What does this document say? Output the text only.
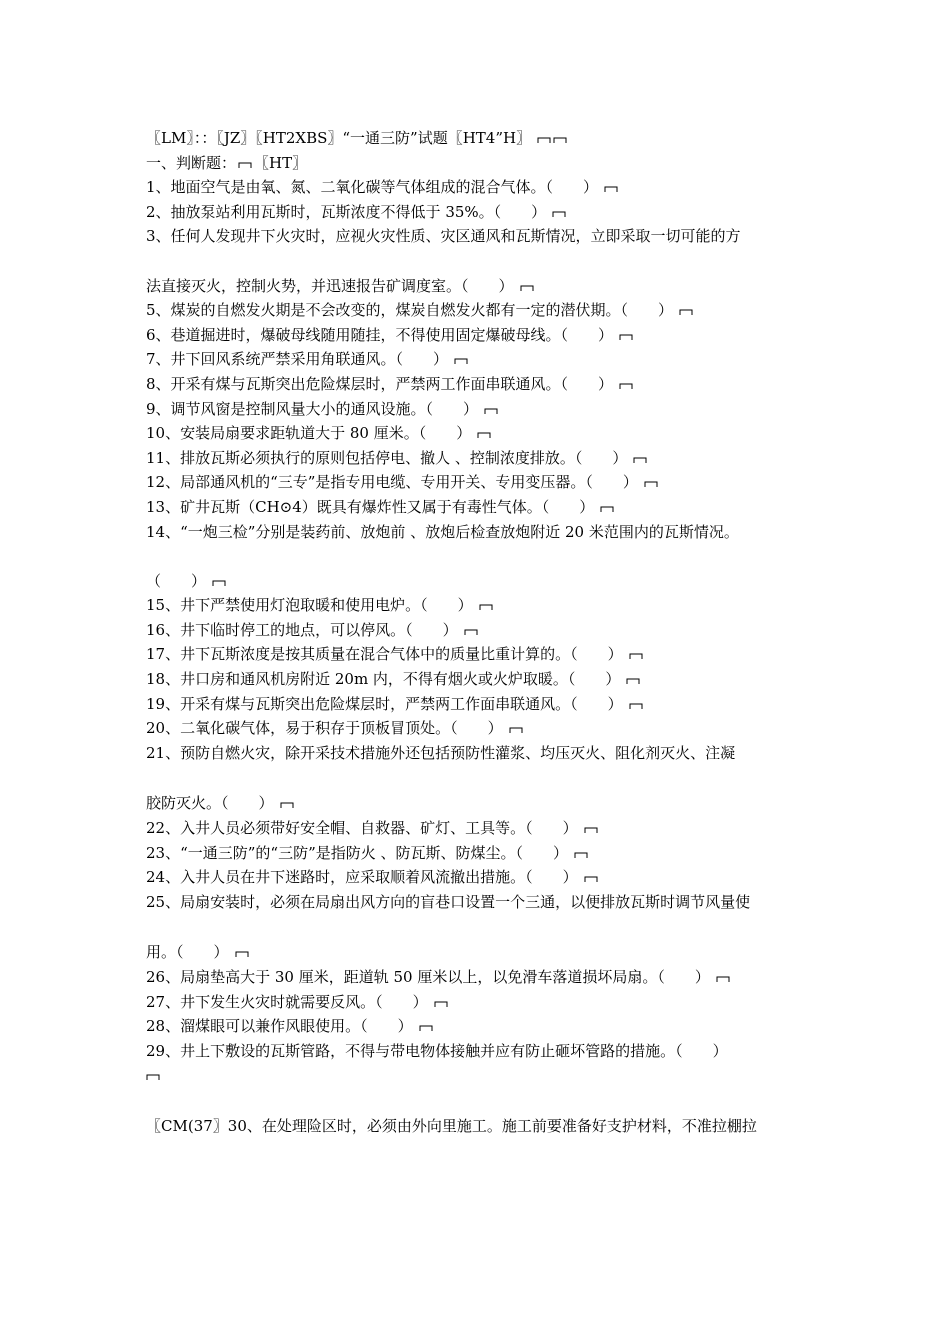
〖LM〗：：〖JZ〗〖HT2XBS〗“一通三防”试题〖HT4”H〗
一、判断题： 〖HT〗
1、地面空气是由氧、氮、二氧化碳等气体组成的混合气体。（　　）
2、抽放泵站利用瓦斯时，瓦斯浓度不得低于 35%。（　　）
3、任何人发现井下火灾时，应视火灾性质、灾区通风和瓦斯情况，立即采取一切可能的方
法直接灭火，控制火势，并迅速报告矿调度室。（　　）
5、煤炭的自燃发火期是不会改变的，煤炭自燃发火都有一定的潜伏期。（　　）
6、巷道掘进时，爆破母线随用随挂，不得使用固定爆破母线。（　　）
7、井下回风系统严禁采用角联通风。（　　）
8、开采有煤与瓦斯突出危险煤层时，严禁两工作面串联通风。（　　）
9、调节风窗是控制风量大小的通风设施。（　　）
10、安装局扇要求距轨道大于 80 厘米。（　　）
11、排放瓦斯必须执行的原则包括停电、撤人 、控制浓度排放。（　　）
12、局部通风机的“三专”是指专用电缆、专用开关、专用变压器。（　　）
13、矿井瓦斯（CH⊙4）既具有爆炸性又属于有毒性气体。（　　）
14、“一炮三检”分别是装药前、放炮前 、放炮后检查放炮附近 20 米范围内的瓦斯情况。
（　　）
15、井下严禁使用灯泡取暖和使用电炉。（　　）
16、井下临时停工的地点，可以停风。（　　）
17、井下瓦斯浓度是按其质量在混合气体中的质量比重计算的。（　　）
18、井口房和通风机房附近 20m 内，不得有烟火或火炉取暖。（　　）
19、开采有煤与瓦斯突出危险煤层时，严禁两工作面串联通风。（　　）
20、二氧化碳气体，易于积存于顶板冒顶处。（　　）
21、预防自燃火灾，除开采技术措施外还包括预防性灌浆、均压灭火、阻化剂灭火、注凝
胶防灭火。（　　）
22、入井人员必须带好安全帽、自救器、矿灯、工具等。（　　）
23、“一通三防”的“三防”是指防火 、防瓦斯、防煤尘。（　　）
24、入井人员在井下迷路时，应采取顺着风流撤出措施。（　　）
25、局扇安装时，必须在局扇出风方向的盲巷口设置一个三通，以便排放瓦斯时调节风量使
用。（　　）
26、局扇垫高大于 30 厘米，距道轨 50 厘米以上，以免滑车落道损坏局扇。（　　）
27、井下发生火灾时就需要反风。（　　）
28、溜煤眼可以兼作风眼使用。（　　）
29、井上下敷设的瓦斯管路，不得与带电物体接触并应有防止砸坏管路的措施。（　　）
〖CM(37〗30、在处理险区时，必须由外向里施工。施工前要准备好支护材料，不准拉棚拉
